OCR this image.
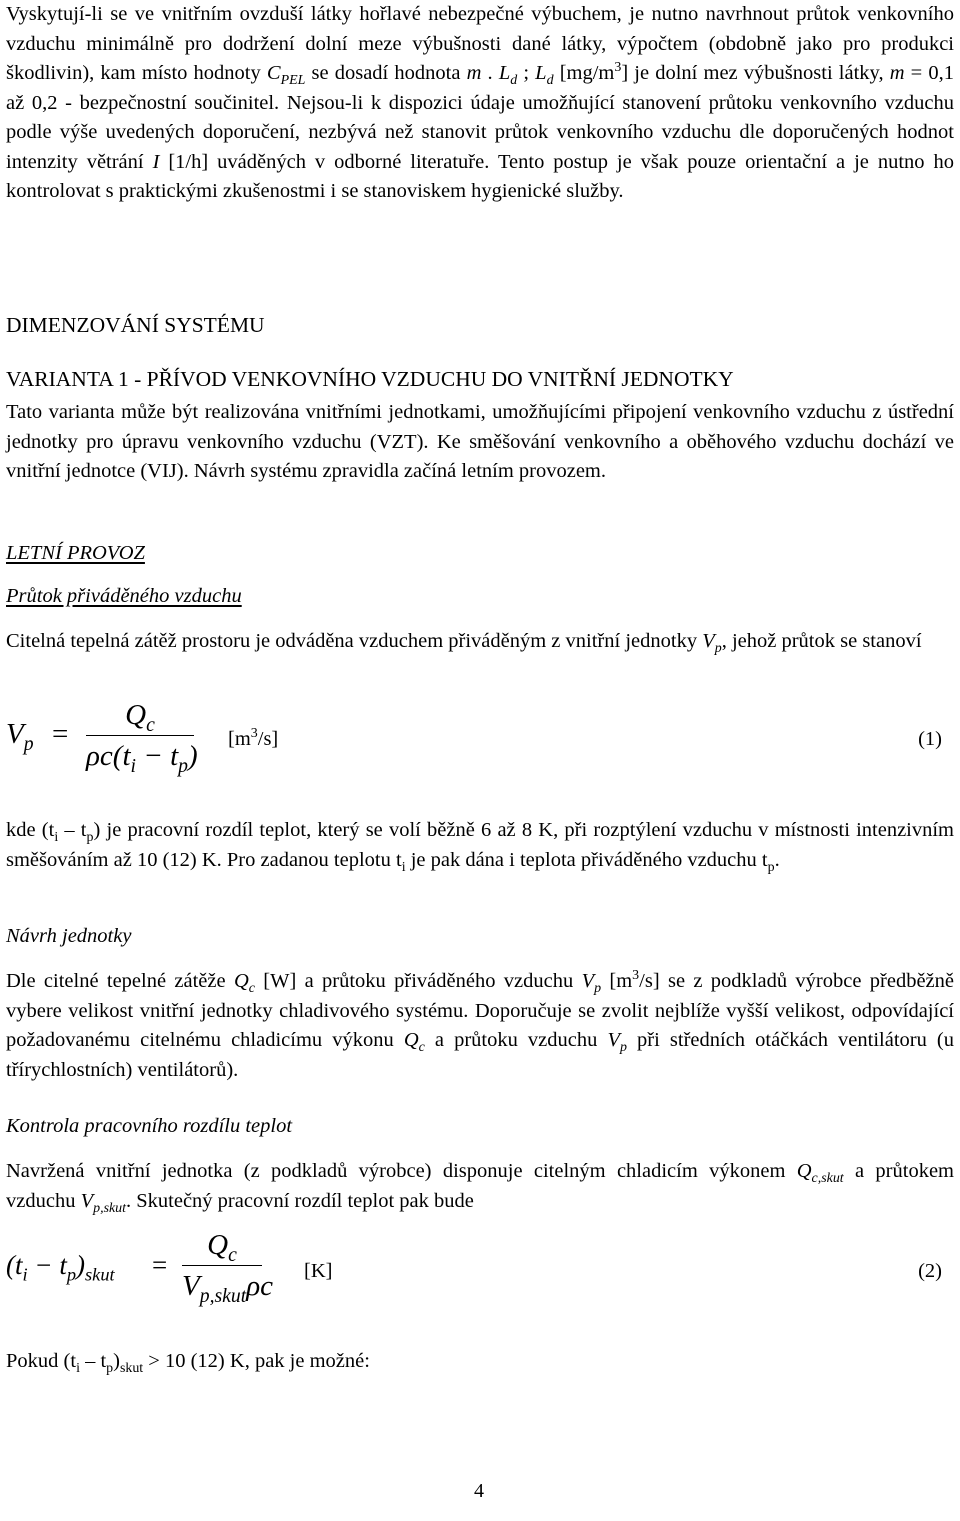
Vyskytují-li se ve vnitřním ovzduší látky hořlavé nebezpečné výbuchem, je nutno navrhnout průtok venkovního vzduchu minimálně pro dodržení dolní meze výbušnosti dané látky, výpočtem (obdobně jako pro produkci škodlivin), kam místo hodnoty $C_{PEL}$ se dosadí hodnota m . $L_d$ ; $L_d$ $[mg/m^3]$ je dolní mez výbušnosti látky, m = 0,1 až 0,2 - bezpečnostní součinitel. Nejsou-li k dispozici údaje umožňující stanovení průtoku venkovního vzduchu podle výše uvedených doporučení, nezbývá než stanovit průtok venkovního vzduchu dle doporučených hodnot intenzity větrání I [1/h] uváděných v odborné literatuře. Tento postup je však pouze orientační a je nutno ho kontrolovat s praktickými zkušenostmi i se stanoviskem hygienické služby.

DIMENZOVÁNÍ SYSTÉMU
VARIANTA 1 - PŘÍVOD VENKOVNÍHO VZDUCHU DO VNITŘNÍ JEDNOTKY

Tato varianta může být realizována vnitřními jednotkami, umožňujícími připojení venkovního vzduchu z ústřední jednotky pro úpravu venkovního vzduchu (VZT). Ke směšování venkovního a oběhového vzduchu dochází ve vnitřní jednotce (VIJ). Návrh systému zpravidla začíná letním provozem.

LETNÍ PROVOZ
Průtok přiváděného vzduchu

Citelná tepelná zátěž prostoru je odváděna vzduchem přiváděným z vnitřní jednotky $V_p$, jehož průtok se stanoví

$V_p$ =
$Q_c$
$\rho c(t_i - t_p)$
$[m^3/s]$	(1)

kde $(t_i - t_p)$ je pracovní rozdíl teplot, který se volí běžně 6 až 8 K, při rozptýlení vzduchu v místnosti intenzivním směšováním až 10 (12) K. Pro zadanou teplotu $t_i$ je pak dána i teplota přiváděného vzduchu $t_p$.

Návrh jednotky

Dle citelné tepelné zátěže $Q_c$ [W] a průtoku přiváděného vzduchu $V_p$ $[m^3/s]$ se z podkladů výrobce předběžně vybere velikost vnitřní jednotky chladivového systému. Doporučuje se zvolit nejblíže vyšší velikost, odpovídající požadovanému citelnému chladicímu výkonu $Q_c$ a průtoku vzduchu $V_p$ při středních otáčkách ventilátoru (u třírychlostních) ventilátorů).

Kontrola pracovního rozdílu teplot

Navržená vnitřní jednotka (z podkladů výrobce) disponuje citelným chladicím výkonem $Q_{c,skut}$ a průtokem vzduchu $V_{p,skut}$. Skutečný pracovní rozdíl teplot pak bude

$(t_i - t_p)_{skut}$ =
$Q_c$
$V_{p,skut}\rho c$ [K]	(2)

Pokud $(t_i - t_p)_{skut} > 10$ (12) K, pak je možné:

4
